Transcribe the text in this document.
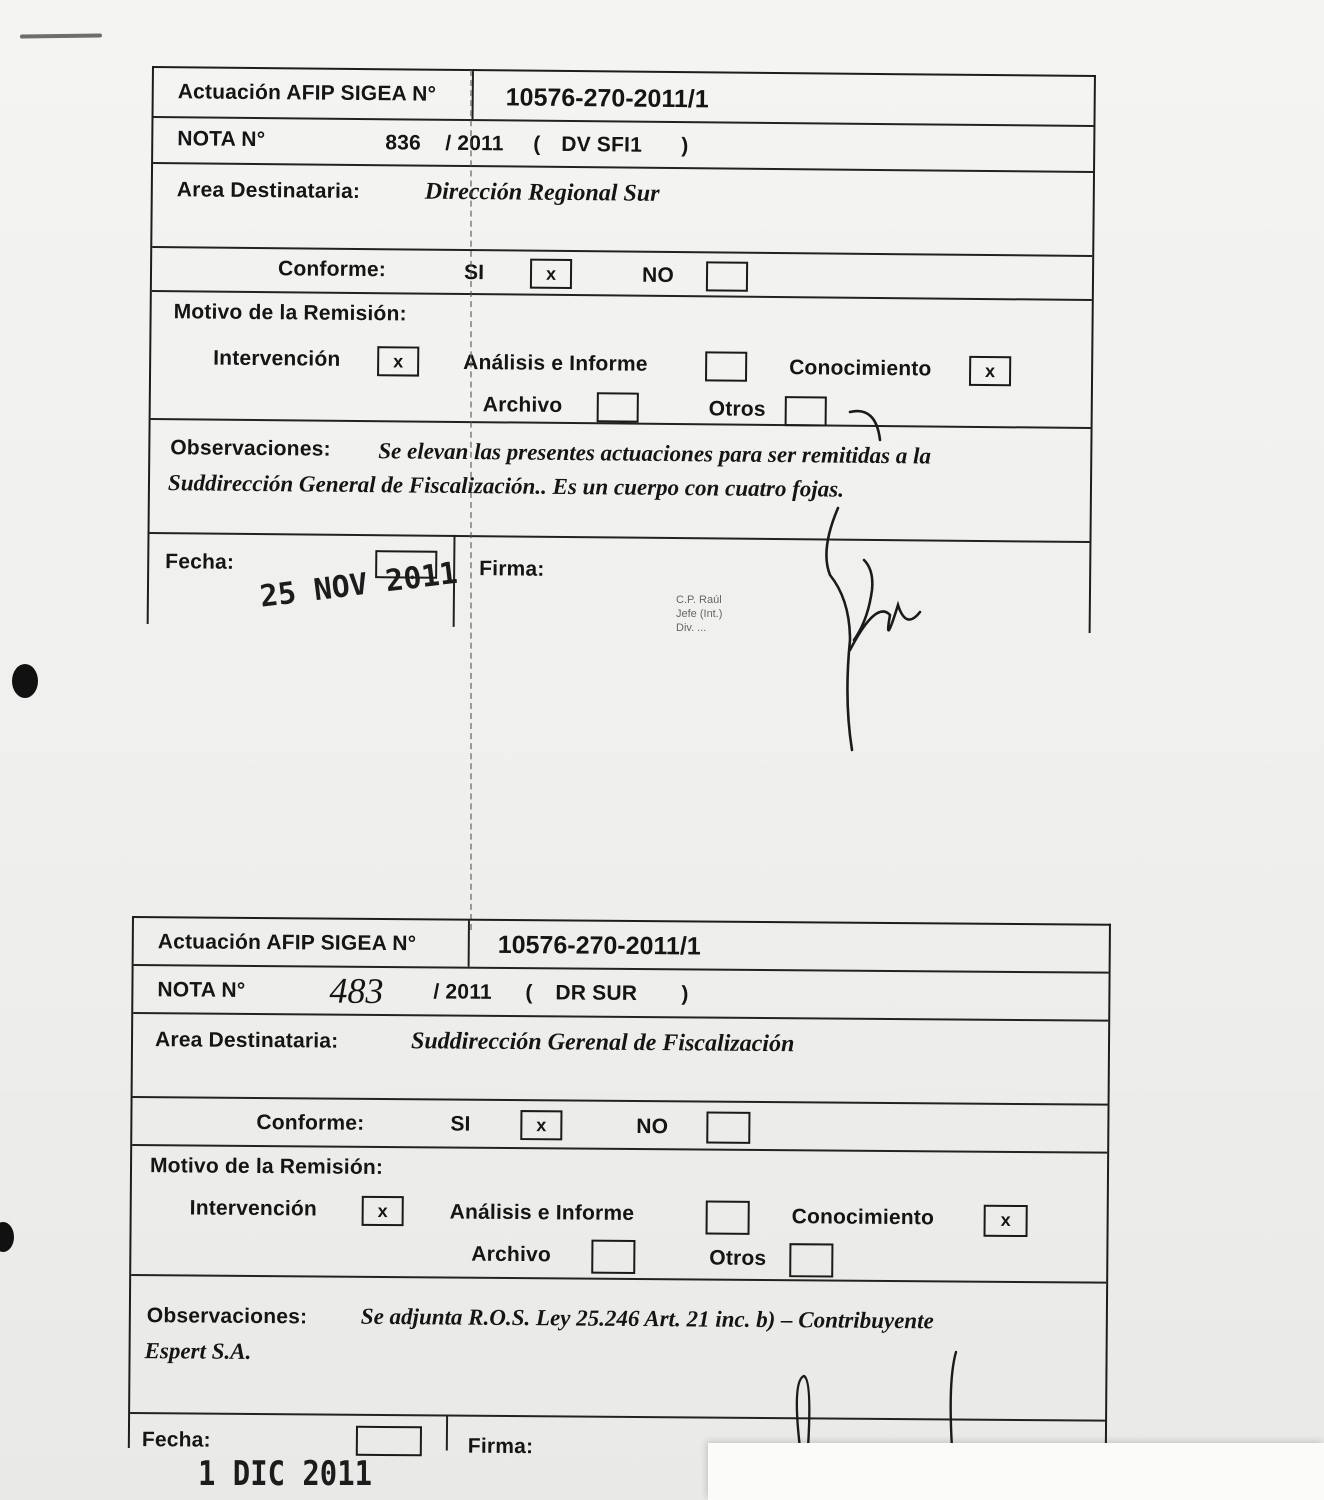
Actuación AFIP SIGEA N°	10576-270-2011/1
NOTA N°	836 / 2011 ( DV SFI1 )
Area Destinataria:	Dirección Regional Sur
Conforme:	SI	x	NO
Motivo de la Remisión:
Intervención	x	Análisis e Informe	Conocimiento	x
Archivo	Otros
Observaciones: Se elevan las presentes actuaciones para ser remitidas a la
Suddirección General de Fiscalización.. Es un cuerpo con cuatro fojas.
Fecha:	Firma:
25 NOV 2011	C.P. Raúl
Jefe (Int.)
Div. ...
Actuación AFIP SIGEA N°	10576-270-2011/1
NOTA N° 483 / 2011 ( DR SUR )
Area Destinataria:	Suddirección Gerenal de Fiscalización
Conforme:	SI	x	NO
Motivo de la Remisión:
Intervención	x	Análisis e Informe	Conocimiento	x
Archivo	Otros
Observaciones: Se adjunta R.O.S. Ley 25.246 Art. 21 inc. b) – Contribuyente
Espert S.A.
Fecha:	Firma:
1 DIC 2011
